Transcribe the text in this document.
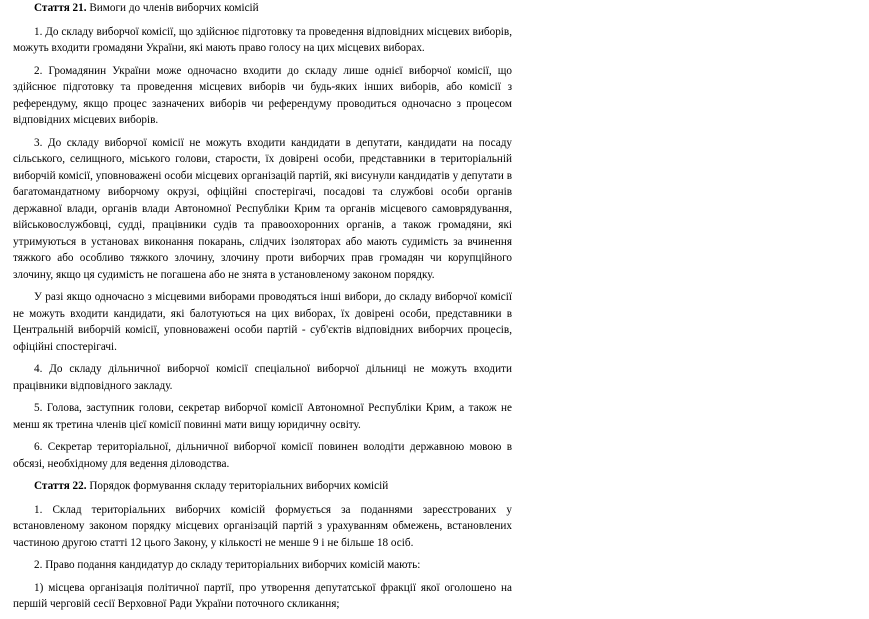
Стаття 21. Вимоги до членів виборчих комісій

1. До складу виборчої комісії, що здійснює підготовку та проведення відповідних місцевих виборів, можуть входити громадяни України, які мають право голосу на цих місцевих виборах.

2. Громадянин України може одночасно входити до складу лише однієї виборчої комісії, що здійснює підготовку та проведення місцевих виборів чи будь-яких інших виборів, або комісії з референдуму, якщо процес зазначених виборів чи референдуму проводиться одночасно з процесом відповідних місцевих виборів.

3. До складу виборчої комісії не можуть входити кандидати в депутати, кандидати на посаду сільського, селищного, міського голови, старости, їх довірені особи, представники в територіальній виборчій комісії, уповноважені особи місцевих організацій партій, які висунули кандидатів у депутати в багатомандатному виборчому окрузі, офіційні спостерігачі, посадові та службові особи органів державної влади, органів влади Автономної Республіки Крим та органів місцевого самоврядування, військовослужбовці, судді, працівники судів та правоохоронних органів, а також громадяни, які утримуються в установах виконання покарань, слідчих ізоляторах або мають судимість за вчинення тяжкого або особливо тяжкого злочину, злочину проти виборчих прав громадян чи корупційного злочину, якщо ця судимість не погашена або не знята в установленому законом порядку.

У разі якщо одночасно з місцевими виборами проводяться інші вибори, до складу виборчої комісії не можуть входити кандидати, які балотуються на цих виборах, їх довірені особи, представники в Центральній виборчій комісії, уповноважені особи партій - суб'єктів відповідних виборчих процесів, офіційні спостерігачі.

4. До складу дільничної виборчої комісії спеціальної виборчої дільниці не можуть входити працівники відповідного закладу.

5. Голова, заступник голови, секретар виборчої комісії Автономної Республіки Крим, а також не менш як третина членів цієї комісії повинні мати вищу юридичну освіту.

6. Секретар територіальної, дільничної виборчої комісії повинен володіти державною мовою в обсязі, необхідному для ведення діловодства.

Стаття 22. Порядок формування складу територіальних виборчих комісій

1. Склад територіальних виборчих комісій формується за поданнями зареєстрованих у встановленому законом порядку місцевих організацій партій з урахуванням обмежень, встановлених частиною другою статті 12 цього Закону, у кількості не менше 9 і не більше 18 осіб.

2. Право подання кандидатур до складу територіальних виборчих комісій мають:

1) місцева організація політичної партії, про утворення депутатської фракції якої оголошено на першій черговій сесії Верховної Ради України поточного скликання;
